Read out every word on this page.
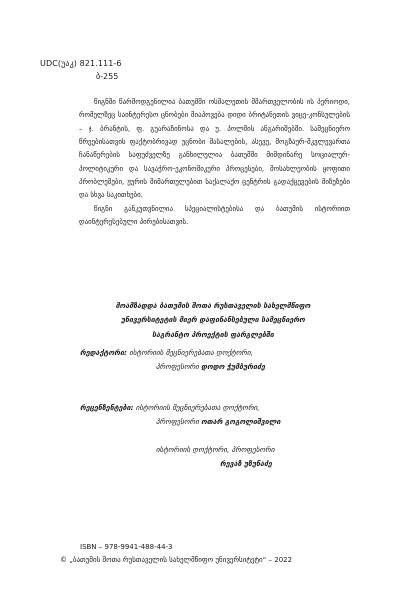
UDC(უაკ) 821.111-6
ბ-255

წიგნში წარმოდგენილია ბათუმში ოსმალეთის მმართველობის ის პერიოდი, რომელზეც საინტერესო ცნობები მიაპოვება დიდი ბრიტანეთის ვიცე-კონსულების – ჯ. ბრანტის, ფ. გუარაჩინოსა და უ. პოლმის ანგარიშებში. სამეცნიერო წრეებისათვის ფაქტობრივად უცნობი მასალების, ასევე, მოგზაურ-მკვლევართა ჩანაწერების საფუძველზე განხილულია ბათუმში მიმდინარე სოციალურ-პოლიტიკური და სავაჭრო-ეკონომიკური პროცესები, მოსახლეობის ყოფითი პრობლემები, ჟურის მიმართულებით საქალაქო ცენტრის გადაქცევების მიზეზები და სხვა საკითხები.

წიგნი განკუთვნილია სპეციალისტებისა და ბათუმის ისტორიით დაინტერესებული პირებისათვის.

მოამზადდა ბათუმის შოთა რუსთაველის სახელმწიფო
უნივერსიტეტის მიერ დაფინანსებული სამეცნიერო
საგრანტო პროექტის ფარგლებში
რედაქტორი: ისტორიის მეცნიერებათა დოქტორი,
პროფესორი დოდო ჭუმბურიძე
რეცენზენტები: ისტორიის მეცნიერებათა დოქტორი,
პროფესორი ოთარ გოგოლიშვილი
ისტორიის დოქტორი, პროფესორი
რევაზ უზუნაძე
ISBN – 978-9941-488-44-3
© „ბათუმის შოთა რუსთაველის სახელმწიფო უნივერსიტეტი“ – 2022
